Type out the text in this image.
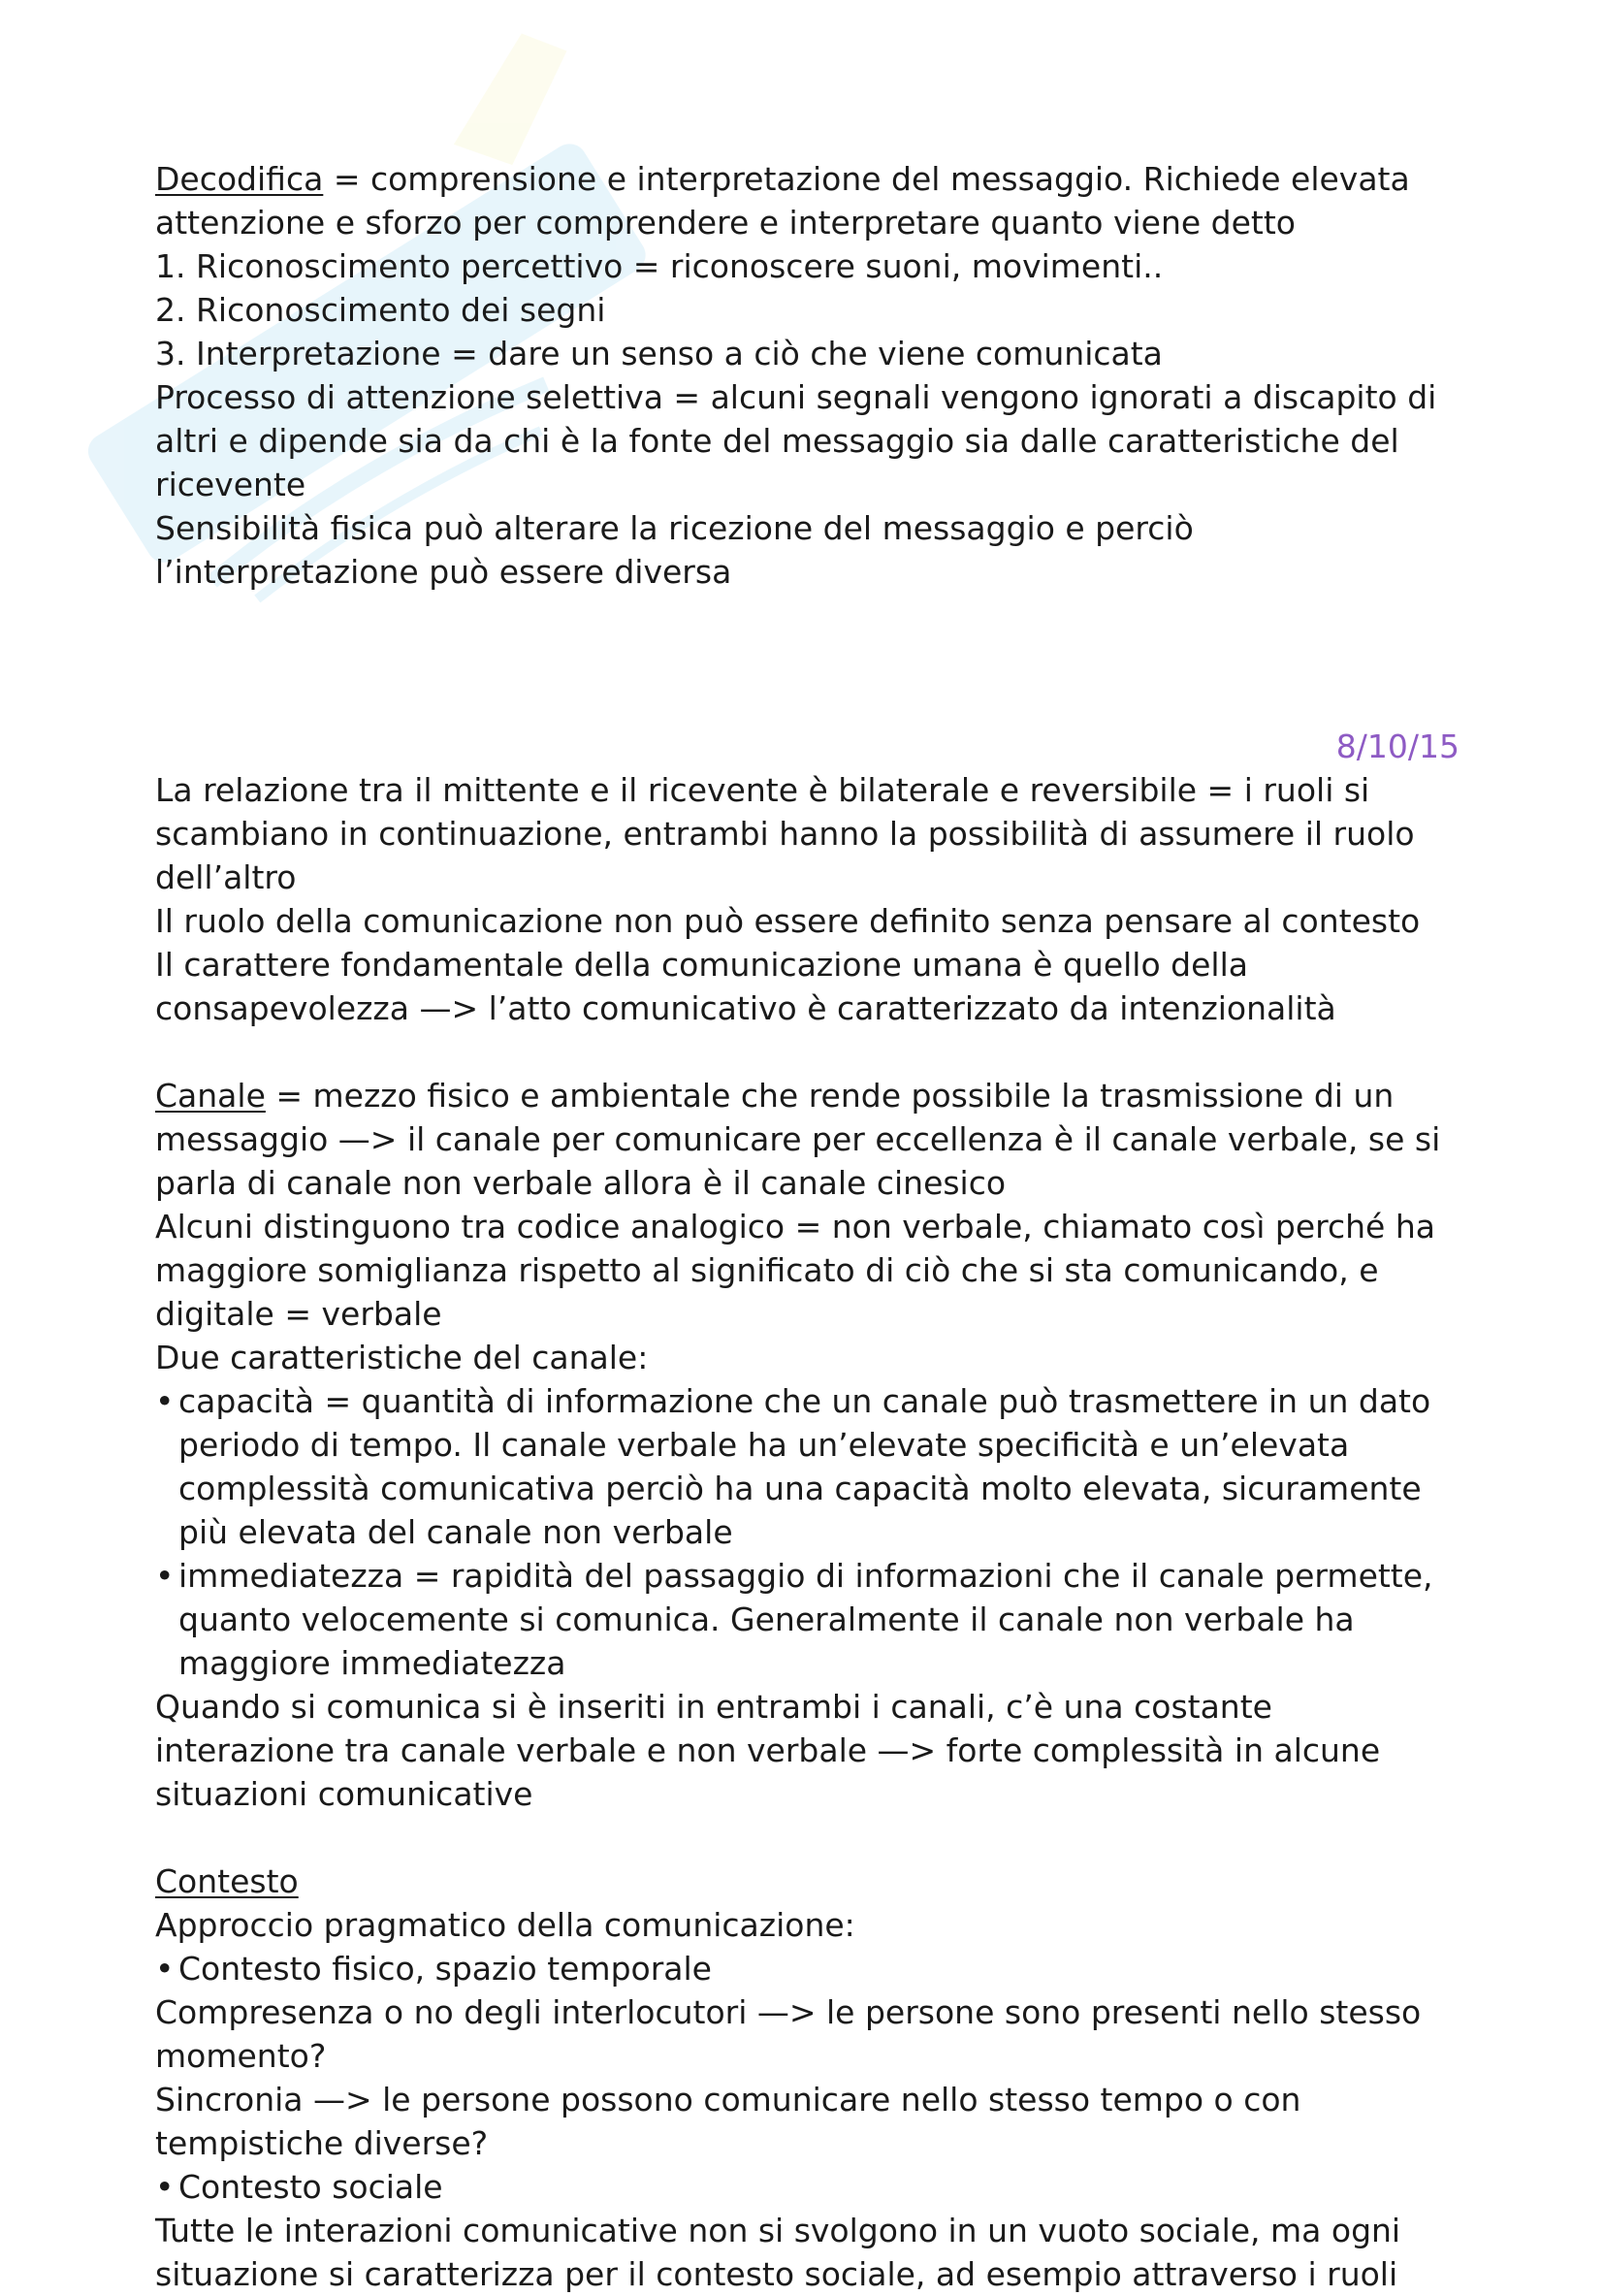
Decodifica = comprensione e interpretazione del messaggio. Richiede elevata attenzione e sforzo per comprendere e interpretare quanto viene detto

1. Riconoscimento percettivo = riconoscere suoni, movimenti..

2. Riconoscimento dei segni

3. Interpretazione = dare un senso a ciò che viene comunicata

Processo di attenzione selettiva = alcuni segnali vengono ignorati a discapito di altri e dipende sia da chi è la fonte del messaggio sia dalle caratteristiche del ricevente

Sensibilità fisica può alterare la ricezione del messaggio e perciò l’interpretazione può essere diversa

8/10/15

La relazione tra il mittente e il ricevente è bilaterale e reversibile = i ruoli si scambiano in continuazione, entrambi hanno la possibilità di assumere il ruolo dell’altro

Il ruolo della comunicazione non può essere definito senza pensare al contesto

Il carattere fondamentale della comunicazione umana è quello della consapevolezza —> l’atto comunicativo è caratterizzato da intenzionalità

Canale = mezzo fisico e ambientale che rende possibile la trasmissione di un messaggio —> il canale per comunicare per eccellenza è il canale verbale, se si parla di canale non verbale allora è il canale cinesico

Alcuni distinguono tra codice analogico = non verbale, chiamato così perché ha maggiore somiglianza rispetto al significato di ciò che si sta comunicando, e digitale = verbale

Due caratteristiche del canale:

• capacità = quantità di informazione che un canale può trasmettere in un dato periodo di tempo. Il canale verbale ha un’elevate specificità e un’elevata complessità comunicativa perciò ha una capacità molto elevata, sicuramente più elevata del canale non verbale
• immediatezza = rapidità del passaggio di informazioni che il canale permette, quanto velocemente si comunica. Generalmente il canale non verbale ha maggiore immediatezza

Quando si comunica si è inseriti in entrambi i canali, c’è una costante interazione tra canale verbale e non verbale —> forte complessità in alcune situazioni comunicative

Contesto

Approccio pragmatico della comunicazione:

• Contesto fisico, spazio temporale

Compresenza o no degli interlocutori —> le persone sono presenti nello stesso momento?

Sincronia —> le persone possono comunicare nello stesso tempo o con tempistiche diverse?

• Contesto sociale

Tutte le interazioni comunicative non si svolgono in un vuoto sociale, ma ogni situazione si caratterizza per il contesto sociale, ad esempio attraverso i ruoli
